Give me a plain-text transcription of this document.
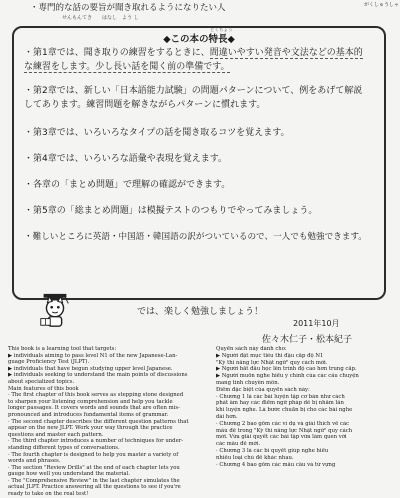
・専門的な話の要旨が聞き取れるようになりたい人
せんもんてき　　はなし　よう し
がくしゅうしゃ
◆この本の特長◆
とくちょう
・第1章では、聞き取りの練習をするときに、間違いやすい発音や文法などの基本的
な練習をします。少し長い話を聞く前の準備です。
・第2章では、新しい「日本語能力試験」の問題パターンについて、例をあげて解説
してあります。練習問題を解きながらパターンに慣れます。
・第3章では、いろいろなタイプの話を聞き取るコツを覚えます。
・第4章では、いろいろな語彙や表現を覚えます。
・各章の「まとめ問題」で理解の確認ができます。
・第5章の「総まとめ問題」は模擬テストのつもりでやってみましょう。
・難しいところに英語・中国語・韓国語の訳がついているので、一人でも勉強できます。
では、楽しく勉強しましょう！
2011年10月
佐々木仁子・松本紀子
This book is a learning tool that targets:
▶ individuals aiming to pass level N1 of the new Japanese-Lan-
guage Proficiency Test (JLPT).
▶ individuals that have begun studying upper level Japanese.
▶ individuals seeking to understand the main points of discussions
about specialized topics.
Main features of this book
· The first chapter of this book serves as stepping stone designed
to sharpen your listening comprehension and help you tackle
longer passages. It covers words and sounds that are often mis-
pronounced and introduces fundamental items of grammar.
· The second chapter describes the different question patterns that
appear on the new JLPT. Work your way through the practice
questions and master each pattern.
· The third chapter introduces a number of techniques for under-
standing different types of conversations.
· The fourth chapter is designed to help you master a variety of
words and phrases.
· The section "Review Drills" at the end of each chapter lets you
gauge how well you understand the material.
· The "Comprehensive Review" in the last chapter simulates the
actual JLPT. Practice answering all the questions to see if you're
ready to take on the real test!
Quyển sách này dành cho:
▶ Người đặt mục tiêu thi đậu cấp độ N1
"Kỳ thi năng lực Nhật ngữ" quy cách mới.
▶ Người bắt đầu học lên trình độ cao hơn trung cấp.
▶ Người muốn nghe hiểu ý chính của các câu chuyện
mang tính chuyên môn.
Điểm đặc biệt của quyển sách này:
· Chương 1 là các bài luyện tập cơ bản như cách
phát âm hay các điểm ngữ pháp dễ bị nhầm lẫn
khi luyện nghe. Là bước chuẩn bị cho các bài nghe
dài hơn.
· Chương 2 bao gồm các ví dụ và giải thích về các
mẫu đề trong "Kỳ thi năng lực Nhật ngữ" quy cách
mới. Vừa giải quyết các bài tập vừa làm quen với
các mẫu đề mới.
· Chương 3 là các bí quyết giúp nghe hiểu
nhiều loại chủ đề khác nhau.
· Chương 4 bao gồm các mẫu câu và từ vựng
